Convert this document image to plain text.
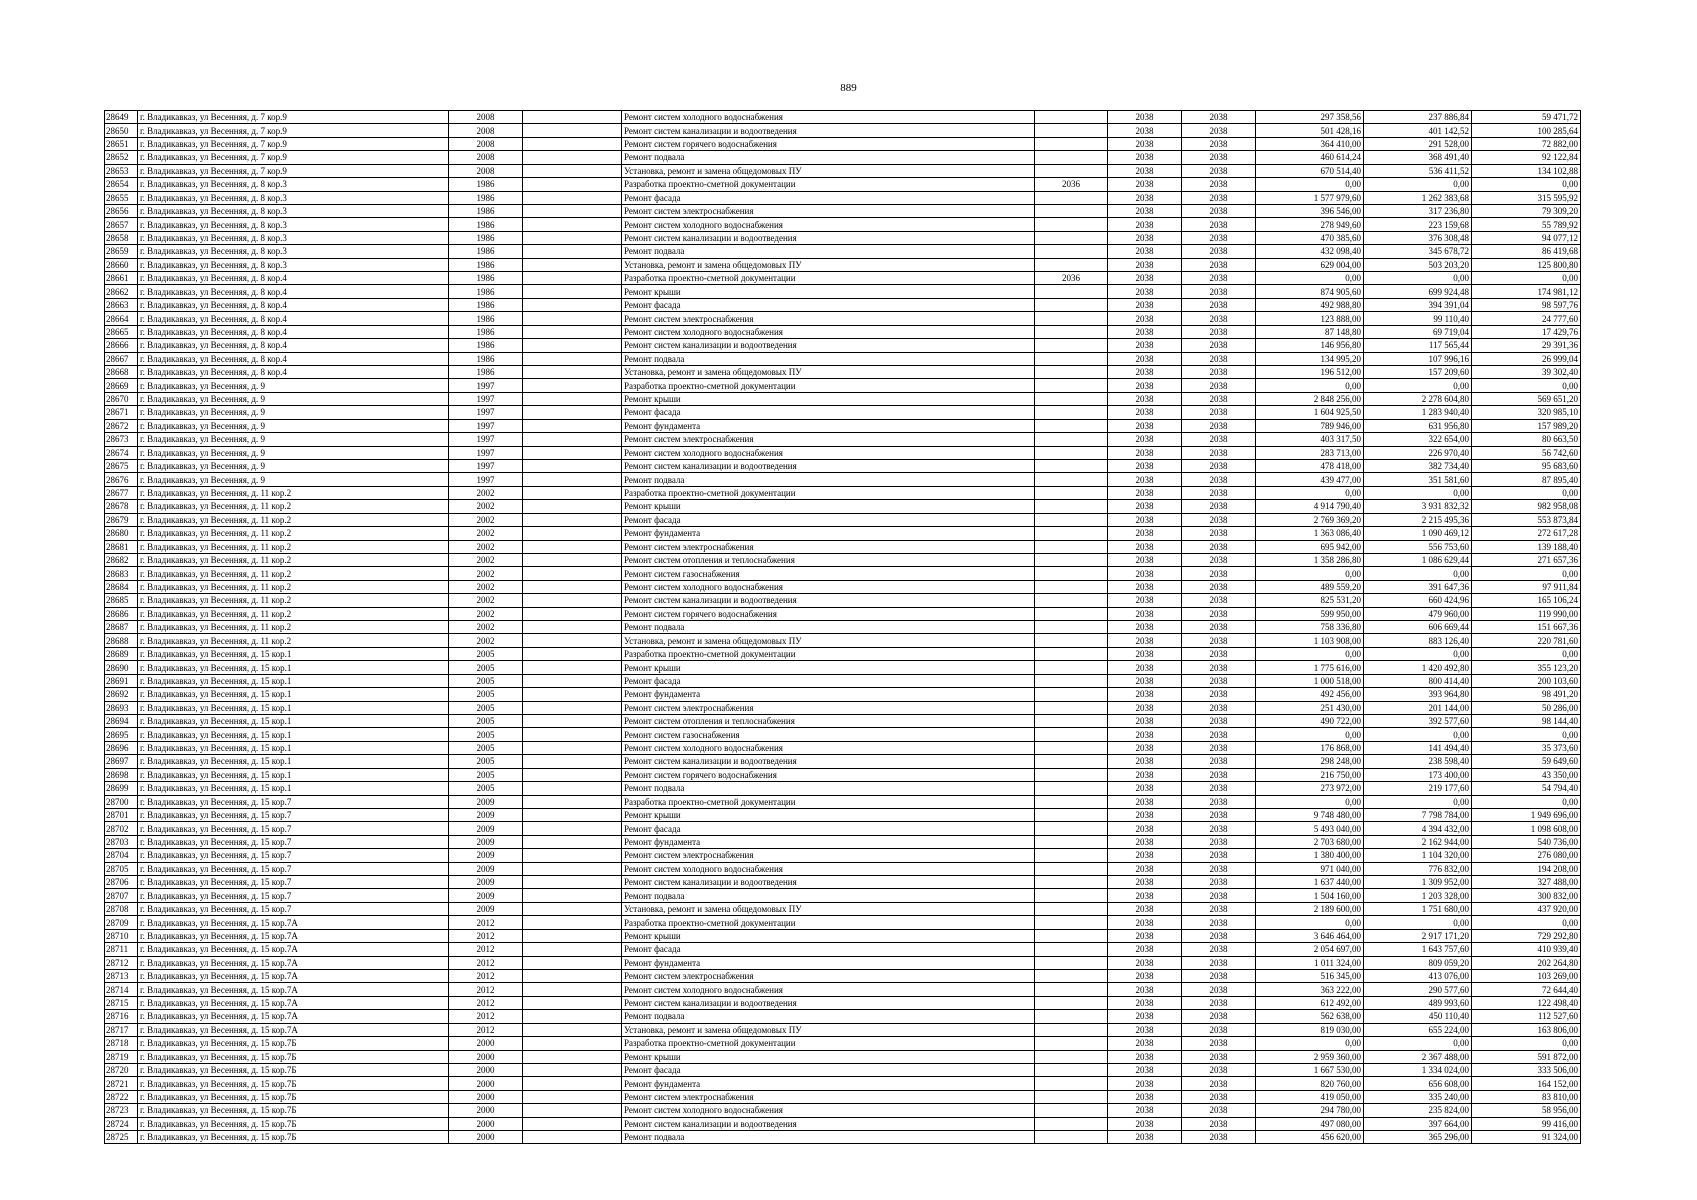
889
28649	г. Владикавказ, ул Весенняя, д. 7 кор.9	2008		Ремонт систем холодного водоснабжения		2038	2038	297 358,56	237 886,84	59 471,72
28650	г. Владикавказ, ул Весенняя, д. 7 кор.9	2008		Ремонт систем канализации и водоотведения		2038	2038	501 428,16	401 142,52	100 285,64
28651	г. Владикавказ, ул Весенняя, д. 7 кор.9	2008		Ремонт систем горячего водоснабжения		2038	2038	364 410,00	291 528,00	72 882,00
28652	г. Владикавказ, ул Весенняя, д. 7 кор.9	2008		Ремонт подвала		2038	2038	460 614,24	368 491,40	92 122,84
28653	г. Владикавказ, ул Весенняя, д. 7 кор.9	2008		Установка, ремонт и замена общедомовых ПУ		2038	2038	670 514,40	536 411,52	134 102,88
28654	г. Владикавказ, ул Весенняя, д. 8 кор.3	1986		Разработка проектно-сметной документации	2036	2038	2038	0,00	0,00	0,00
28655	г. Владикавказ, ул Весенняя, д. 8 кор.3	1986		Ремонт фасада		2038	2038	1 577 979,60	1 262 383,68	315 595,92
28656	г. Владикавказ, ул Весенняя, д. 8 кор.3	1986		Ремонт систем электроснабжения		2038	2038	396 546,00	317 236,80	79 309,20
28657	г. Владикавказ, ул Весенняя, д. 8 кор.3	1986		Ремонт систем холодного водоснабжения		2038	2038	278 949,60	223 159,68	55 789,92
28658	г. Владикавказ, ул Весенняя, д. 8 кор.3	1986		Ремонт систем канализации и водоотведения		2038	2038	470 385,60	376 308,48	94 077,12
28659	г. Владикавказ, ул Весенняя, д. 8 кор.3	1986		Ремонт подвала		2038	2038	432 098,40	345 678,72	86 419,68
28660	г. Владикавказ, ул Весенняя, д. 8 кор.3	1986		Установка, ремонт и замена общедомовых ПУ		2038	2038	629 004,00	503 203,20	125 800,80
28661	г. Владикавказ, ул Весенняя, д. 8 кор.4	1986		Разработка проектно-сметной документации	2036	2038	2038	0,00	0,00	0,00
28662	г. Владикавказ, ул Весенняя, д. 8 кор.4	1986		Ремонт крыши		2038	2038	874 905,60	699 924,48	174 981,12
28663	г. Владикавказ, ул Весенняя, д. 8 кор.4	1986		Ремонт фасада		2038	2038	492 988,80	394 391,04	98 597,76
28664	г. Владикавказ, ул Весенняя, д. 8 кор.4	1986		Ремонт систем электроснабжения		2038	2038	123 888,00	99 110,40	24 777,60
28665	г. Владикавказ, ул Весенняя, д. 8 кор.4	1986		Ремонт систем холодного водоснабжения		2038	2038	87 148,80	69 719,04	17 429,76
28666	г. Владикавказ, ул Весенняя, д. 8 кор.4	1986		Ремонт систем канализации и водоотведения		2038	2038	146 956,80	117 565,44	29 391,36
28667	г. Владикавказ, ул Весенняя, д. 8 кор.4	1986		Ремонт подвала		2038	2038	134 995,20	107 996,16	26 999,04
28668	г. Владикавказ, ул Весенняя, д. 8 кор.4	1986		Установка, ремонт и замена общедомовых ПУ		2038	2038	196 512,00	157 209,60	39 302,40
28669	г. Владикавказ, ул Весенняя, д. 9	1997		Разработка проектно-сметной документации		2038	2038	0,00	0,00	0,00
28670	г. Владикавказ, ул Весенняя, д. 9	1997		Ремонт крыши		2038	2038	2 848 256,00	2 278 604,80	569 651,20
28671	г. Владикавказ, ул Весенняя, д. 9	1997		Ремонт фасада		2038	2038	1 604 925,50	1 283 940,40	320 985,10
28672	г. Владикавказ, ул Весенняя, д. 9	1997		Ремонт фундамента		2038	2038	789 946,00	631 956,80	157 989,20
28673	г. Владикавказ, ул Весенняя, д. 9	1997		Ремонт систем электроснабжения		2038	2038	403 317,50	322 654,00	80 663,50
28674	г. Владикавказ, ул Весенняя, д. 9	1997		Ремонт систем холодного водоснабжения		2038	2038	283 713,00	226 970,40	56 742,60
28675	г. Владикавказ, ул Весенняя, д. 9	1997		Ремонт систем канализации и водоотведения		2038	2038	478 418,00	382 734,40	95 683,60
28676	г. Владикавказ, ул Весенняя, д. 9	1997		Ремонт подвала		2038	2038	439 477,00	351 581,60	87 895,40
28677	г. Владикавказ, ул Весенняя, д. 11 кор.2	2002		Разработка проектно-сметной документации		2038	2038	0,00	0,00	0,00
28678	г. Владикавказ, ул Весенняя, д. 11 кор.2	2002		Ремонт крыши		2038	2038	4 914 790,40	3 931 832,32	982 958,08
28679	г. Владикавказ, ул Весенняя, д. 11 кор.2	2002		Ремонт фасада		2038	2038	2 769 369,20	2 215 495,36	553 873,84
28680	г. Владикавказ, ул Весенняя, д. 11 кор.2	2002		Ремонт фундамента		2038	2038	1 363 086,40	1 090 469,12	272 617,28
28681	г. Владикавказ, ул Весенняя, д. 11 кор.2	2002		Ремонт систем электроснабжения		2038	2038	695 942,00	556 753,60	139 188,40
28682	г. Владикавказ, ул Весенняя, д. 11 кор.2	2002		Ремонт систем отопления и теплоснабжения		2038	2038	1 358 286,80	1 086 629,44	271 657,36
28683	г. Владикавказ, ул Весенняя, д. 11 кор.2	2002		Ремонт систем газоснабжения		2038	2038	0,00	0,00	0,00
28684	г. Владикавказ, ул Весенняя, д. 11 кор.2	2002		Ремонт систем холодного водоснабжения		2038	2038	489 559,20	391 647,36	97 911,84
28685	г. Владикавказ, ул Весенняя, д. 11 кор.2	2002		Ремонт систем канализации и водоотведения		2038	2038	825 531,20	660 424,96	165 106,24
28686	г. Владикавказ, ул Весенняя, д. 11 кор.2	2002		Ремонт систем горячего водоснабжения		2038	2038	599 950,00	479 960,00	119 990,00
28687	г. Владикавказ, ул Весенняя, д. 11 кор.2	2002		Ремонт подвала		2038	2038	758 336,80	606 669,44	151 667,36
28688	г. Владикавказ, ул Весенняя, д. 11 кор.2	2002		Установка, ремонт и замена общедомовых ПУ		2038	2038	1 103 908,00	883 126,40	220 781,60
28689	г. Владикавказ, ул Весенняя, д. 15 кор.1	2005		Разработка проектно-сметной документации		2038	2038	0,00	0,00	0,00
28690	г. Владикавказ, ул Весенняя, д. 15 кор.1	2005		Ремонт крыши		2038	2038	1 775 616,00	1 420 492,80	355 123,20
28691	г. Владикавказ, ул Весенняя, д. 15 кор.1	2005		Ремонт фасада		2038	2038	1 000 518,00	800 414,40	200 103,60
28692	г. Владикавказ, ул Весенняя, д. 15 кор.1	2005		Ремонт фундамента		2038	2038	492 456,00	393 964,80	98 491,20
28693	г. Владикавказ, ул Весенняя, д. 15 кор.1	2005		Ремонт систем электроснабжения		2038	2038	251 430,00	201 144,00	50 286,00
28694	г. Владикавказ, ул Весенняя, д. 15 кор.1	2005		Ремонт систем отопления и теплоснабжения		2038	2038	490 722,00	392 577,60	98 144,40
28695	г. Владикавказ, ул Весенняя, д. 15 кор.1	2005		Ремонт систем газоснабжения		2038	2038	0,00	0,00	0,00
28696	г. Владикавказ, ул Весенняя, д. 15 кор.1	2005		Ремонт систем холодного водоснабжения		2038	2038	176 868,00	141 494,40	35 373,60
28697	г. Владикавказ, ул Весенняя, д. 15 кор.1	2005		Ремонт систем канализации и водоотведения		2038	2038	298 248,00	238 598,40	59 649,60
28698	г. Владикавказ, ул Весенняя, д. 15 кор.1	2005		Ремонт систем горячего водоснабжения		2038	2038	216 750,00	173 400,00	43 350,00
28699	г. Владикавказ, ул Весенняя, д. 15 кор.1	2005		Ремонт подвала		2038	2038	273 972,00	219 177,60	54 794,40
28700	г. Владикавказ, ул Весенняя, д. 15 кор.7	2009		Разработка проектно-сметной документации		2038	2038	0,00	0,00	0,00
28701	г. Владикавказ, ул Весенняя, д. 15 кор.7	2009		Ремонт крыши		2038	2038	9 748 480,00	7 798 784,00	1 949 696,00
28702	г. Владикавказ, ул Весенняя, д. 15 кор.7	2009		Ремонт фасада		2038	2038	5 493 040,00	4 394 432,00	1 098 608,00
28703	г. Владикавказ, ул Весенняя, д. 15 кор.7	2009		Ремонт фундамента		2038	2038	2 703 680,00	2 162 944,00	540 736,00
28704	г. Владикавказ, ул Весенняя, д. 15 кор.7	2009		Ремонт систем электроснабжения		2038	2038	1 380 400,00	1 104 320,00	276 080,00
28705	г. Владикавказ, ул Весенняя, д. 15 кор.7	2009		Ремонт систем холодного водоснабжения		2038	2038	971 040,00	776 832,00	194 208,00
28706	г. Владикавказ, ул Весенняя, д. 15 кор.7	2009		Ремонт систем канализации и водоотведения		2038	2038	1 637 440,00	1 309 952,00	327 488,00
28707	г. Владикавказ, ул Весенняя, д. 15 кор.7	2009		Ремонт подвала		2038	2038	1 504 160,00	1 203 328,00	300 832,00
28708	г. Владикавказ, ул Весенняя, д. 15 кор.7	2009		Установка, ремонт и замена общедомовых ПУ		2038	2038	2 189 600,00	1 751 680,00	437 920,00
28709	г. Владикавказ, ул Весенняя, д. 15 кор.7А	2012		Разработка проектно-сметной документации		2038	2038	0,00	0,00	0,00
28710	г. Владикавказ, ул Весенняя, д. 15 кор.7А	2012		Ремонт крыши		2038	2038	3 646 464,00	2 917 171,20	729 292,80
28711	г. Владикавказ, ул Весенняя, д. 15 кор.7А	2012		Ремонт фасада		2038	2038	2 054 697,00	1 643 757,60	410 939,40
28712	г. Владикавказ, ул Весенняя, д. 15 кор.7А	2012		Ремонт фундамента		2038	2038	1 011 324,00	809 059,20	202 264,80
28713	г. Владикавказ, ул Весенняя, д. 15 кор.7А	2012		Ремонт систем электроснабжения		2038	2038	516 345,00	413 076,00	103 269,00
28714	г. Владикавказ, ул Весенняя, д. 15 кор.7А	2012		Ремонт систем холодного водоснабжения		2038	2038	363 222,00	290 577,60	72 644,40
28715	г. Владикавказ, ул Весенняя, д. 15 кор.7А	2012		Ремонт систем канализации и водоотведения		2038	2038	612 492,00	489 993,60	122 498,40
28716	г. Владикавказ, ул Весенняя, д. 15 кор.7А	2012		Ремонт подвала		2038	2038	562 638,00	450 110,40	112 527,60
28717	г. Владикавказ, ул Весенняя, д. 15 кор.7А	2012		Установка, ремонт и замена общедомовых ПУ		2038	2038	819 030,00	655 224,00	163 806,00
28718	г. Владикавказ, ул Весенняя, д. 15 кор.7Б	2000		Разработка проектно-сметной документации		2038	2038	0,00	0,00	0,00
28719	г. Владикавказ, ул Весенняя, д. 15 кор.7Б	2000		Ремонт крыши		2038	2038	2 959 360,00	2 367 488,00	591 872,00
28720	г. Владикавказ, ул Весенняя, д. 15 кор.7Б	2000		Ремонт фасада		2038	2038	1 667 530,00	1 334 024,00	333 506,00
28721	г. Владикавказ, ул Весенняя, д. 15 кор.7Б	2000		Ремонт фундамента		2038	2038	820 760,00	656 608,00	164 152,00
28722	г. Владикавказ, ул Весенняя, д. 15 кор.7Б	2000		Ремонт систем электроснабжения		2038	2038	419 050,00	335 240,00	83 810,00
28723	г. Владикавказ, ул Весенняя, д. 15 кор.7Б	2000		Ремонт систем холодного водоснабжения		2038	2038	294 780,00	235 824,00	58 956,00
28724	г. Владикавказ, ул Весенняя, д. 15 кор.7Б	2000		Ремонт систем канализации и водоотведения		2038	2038	497 080,00	397 664,00	99 416,00
28725	г. Владикавказ, ул Весенняя, д. 15 кор.7Б	2000		Ремонт подвала		2038	2038	456 620,00	365 296,00	91 324,00
